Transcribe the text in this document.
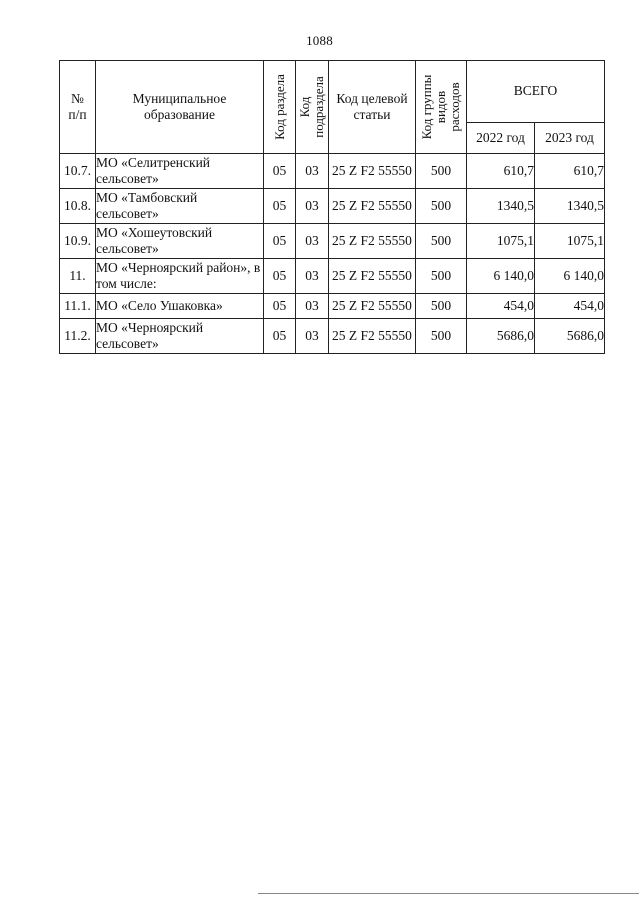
1088
№
п/п	Муниципальное образование	Код раздела	Код подраздела	Код целевой статьи	Код группы видов расходов	ВСЕГО	
						2022 год	2023 год
10.7.	МО «Селитренский сельсовет»	05	03	25 Z F2 55550	500	610,7	610,7
10.8.	МО «Тамбовский сельсовет»	05	03	25 Z F2 55550	500	1340,5	1340,5
10.9.	МО «Хошеутовский сельсовет»	05	03	25 Z F2 55550	500	1075,1	1075,1
11.	МО «Черноярский район», в том числе:	05	03	25 Z F2 55550	500	6 140,0	6 140,0
11.1.	МО «Село Ушаковка»	05	03	25 Z F2 55550	500	454,0	454,0
11.2.	МО «Черноярский сельсовет»	05	03	25 Z F2 55550	500	5686,0	5686,0
